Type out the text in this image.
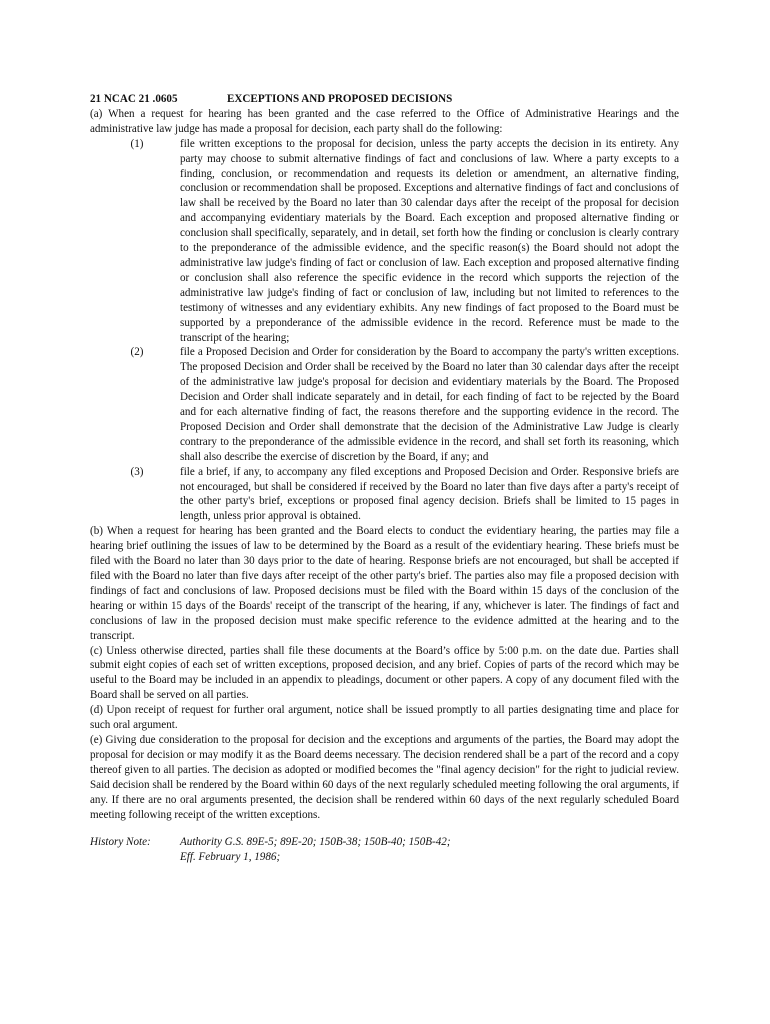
21 NCAC 21 .0605	EXCEPTIONS AND PROPOSED DECISIONS

(a) When a request for hearing has been granted and the case referred to the Office of Administrative Hearings and the administrative law judge has made a proposal for decision, each party shall do the following:

(1)	file written exceptions to the proposal for decision, unless the party accepts the decision in its entirety. Any party may choose to submit alternative findings of fact and conclusions of law. Where a party excepts to a finding, conclusion, or recommendation and requests its deletion or amendment, an alternative finding, conclusion or recommendation shall be proposed. Exceptions and alternative findings of fact and conclusions of law shall be received by the Board no later than 30 calendar days after the receipt of the proposal for decision and accompanying evidentiary materials by the Board. Each exception and proposed alternative finding or conclusion shall specifically, separately, and in detail, set forth how the finding or conclusion is clearly contrary to the preponderance of the admissible evidence, and the specific reason(s) the Board should not adopt the administrative law judge's finding of fact or conclusion of law. Each exception and proposed alternative finding or conclusion shall also reference the specific evidence in the record which supports the rejection of the administrative law judge's finding of fact or conclusion of law, including but not limited to references to the testimony of witnesses and any evidentiary exhibits. Any new findings of fact proposed to the Board must be supported by a preponderance of the admissible evidence in the record. Reference must be made to the transcript of the hearing;
(2)	file a Proposed Decision and Order for consideration by the Board to accompany the party's written exceptions. The proposed Decision and Order shall be received by the Board no later than 30 calendar days after the receipt of the administrative law judge's proposal for decision and evidentiary materials by the Board. The Proposed Decision and Order shall indicate separately and in detail, for each finding of fact to be rejected by the Board and for each alternative finding of fact, the reasons therefore and the supporting evidence in the record. The Proposed Decision and Order shall demonstrate that the decision of the Administrative Law Judge is clearly contrary to the preponderance of the admissible evidence in the record, and shall set forth its reasoning, which shall also describe the exercise of discretion by the Board, if any; and
(3)	file a brief, if any, to accompany any filed exceptions and Proposed Decision and Order. Responsive briefs are not encouraged, but shall be considered if received by the Board no later than five days after a party's receipt of the other party's brief, exceptions or proposed final agency decision. Briefs shall be limited to 15 pages in length, unless prior approval is obtained.

(b) When a request for hearing has been granted and the Board elects to conduct the evidentiary hearing, the parties may file a hearing brief outlining the issues of law to be determined by the Board as a result of the evidentiary hearing. These briefs must be filed with the Board no later than 30 days prior to the date of hearing. Response briefs are not encouraged, but shall be accepted if filed with the Board no later than five days after receipt of the other party's brief. The parties also may file a proposed decision with findings of fact and conclusions of law. Proposed decisions must be filed with the Board within 15 days of the conclusion of the hearing or within 15 days of the Boards' receipt of the transcript of the hearing, if any, whichever is later. The findings of fact and conclusions of law in the proposed decision must make specific reference to the evidence admitted at the hearing and to the transcript.

(c) Unless otherwise directed, parties shall file these documents at the Board’s office by 5:00 p.m. on the date due. Parties shall submit eight copies of each set of written exceptions, proposed decision, and any brief. Copies of parts of the record which may be useful to the Board may be included in an appendix to pleadings, document or other papers. A copy of any document filed with the Board shall be served on all parties.

(d) Upon receipt of request for further oral argument, notice shall be issued promptly to all parties designating time and place for such oral argument.

(e) Giving due consideration to the proposal for decision and the exceptions and arguments of the parties, the Board may adopt the proposal for decision or may modify it as the Board deems necessary. The decision rendered shall be a part of the record and a copy thereof given to all parties. The decision as adopted or modified becomes the "final agency decision" for the right to judicial review. Said decision shall be rendered by the Board within 60 days of the next regularly scheduled meeting following the oral arguments, if any. If there are no oral arguments presented, the decision shall be rendered within 60 days of the next regularly scheduled Board meeting following receipt of the written exceptions.

History Note:	Authority G.S. 89E-5; 89E-20; 150B-38; 150B-40; 150B-42;
Eff. February 1, 1986;
